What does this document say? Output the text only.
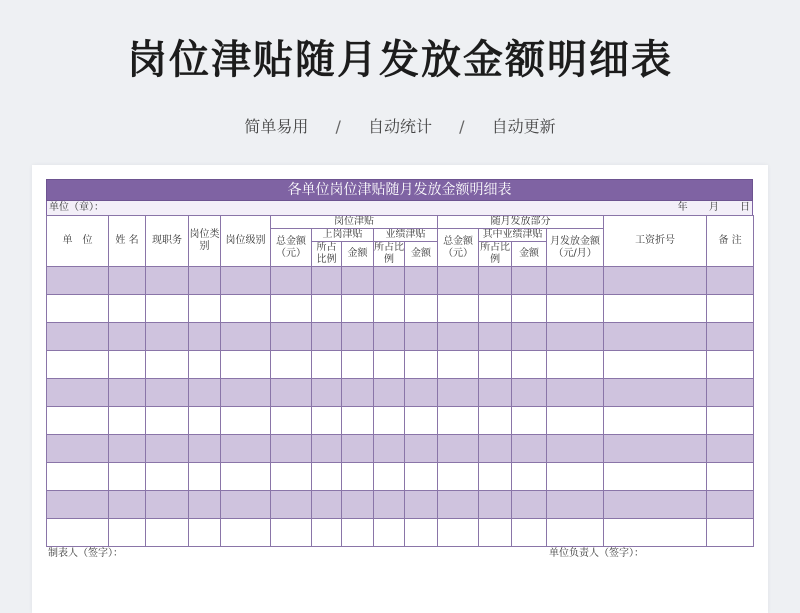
岗位津贴随月发放金额明细表
简单易用 / 自动统计 / 自动更新
各单位岗位津贴随月发放金额明细表
单位（章）：	年 月 日
单　位	姓 名	现职务	岗位类别	岗位级别	岗位津贴					随月发放部分				工资折号	备 注
					总金额（元）	上岗津贴		业绩津贴		总金额（元）	其中业绩津贴		月发放金额（元/月）		
						所占比例	金额	所占比例	金额		所占比例	金额			

制表人（签字）：	单位负责人（签字）：
